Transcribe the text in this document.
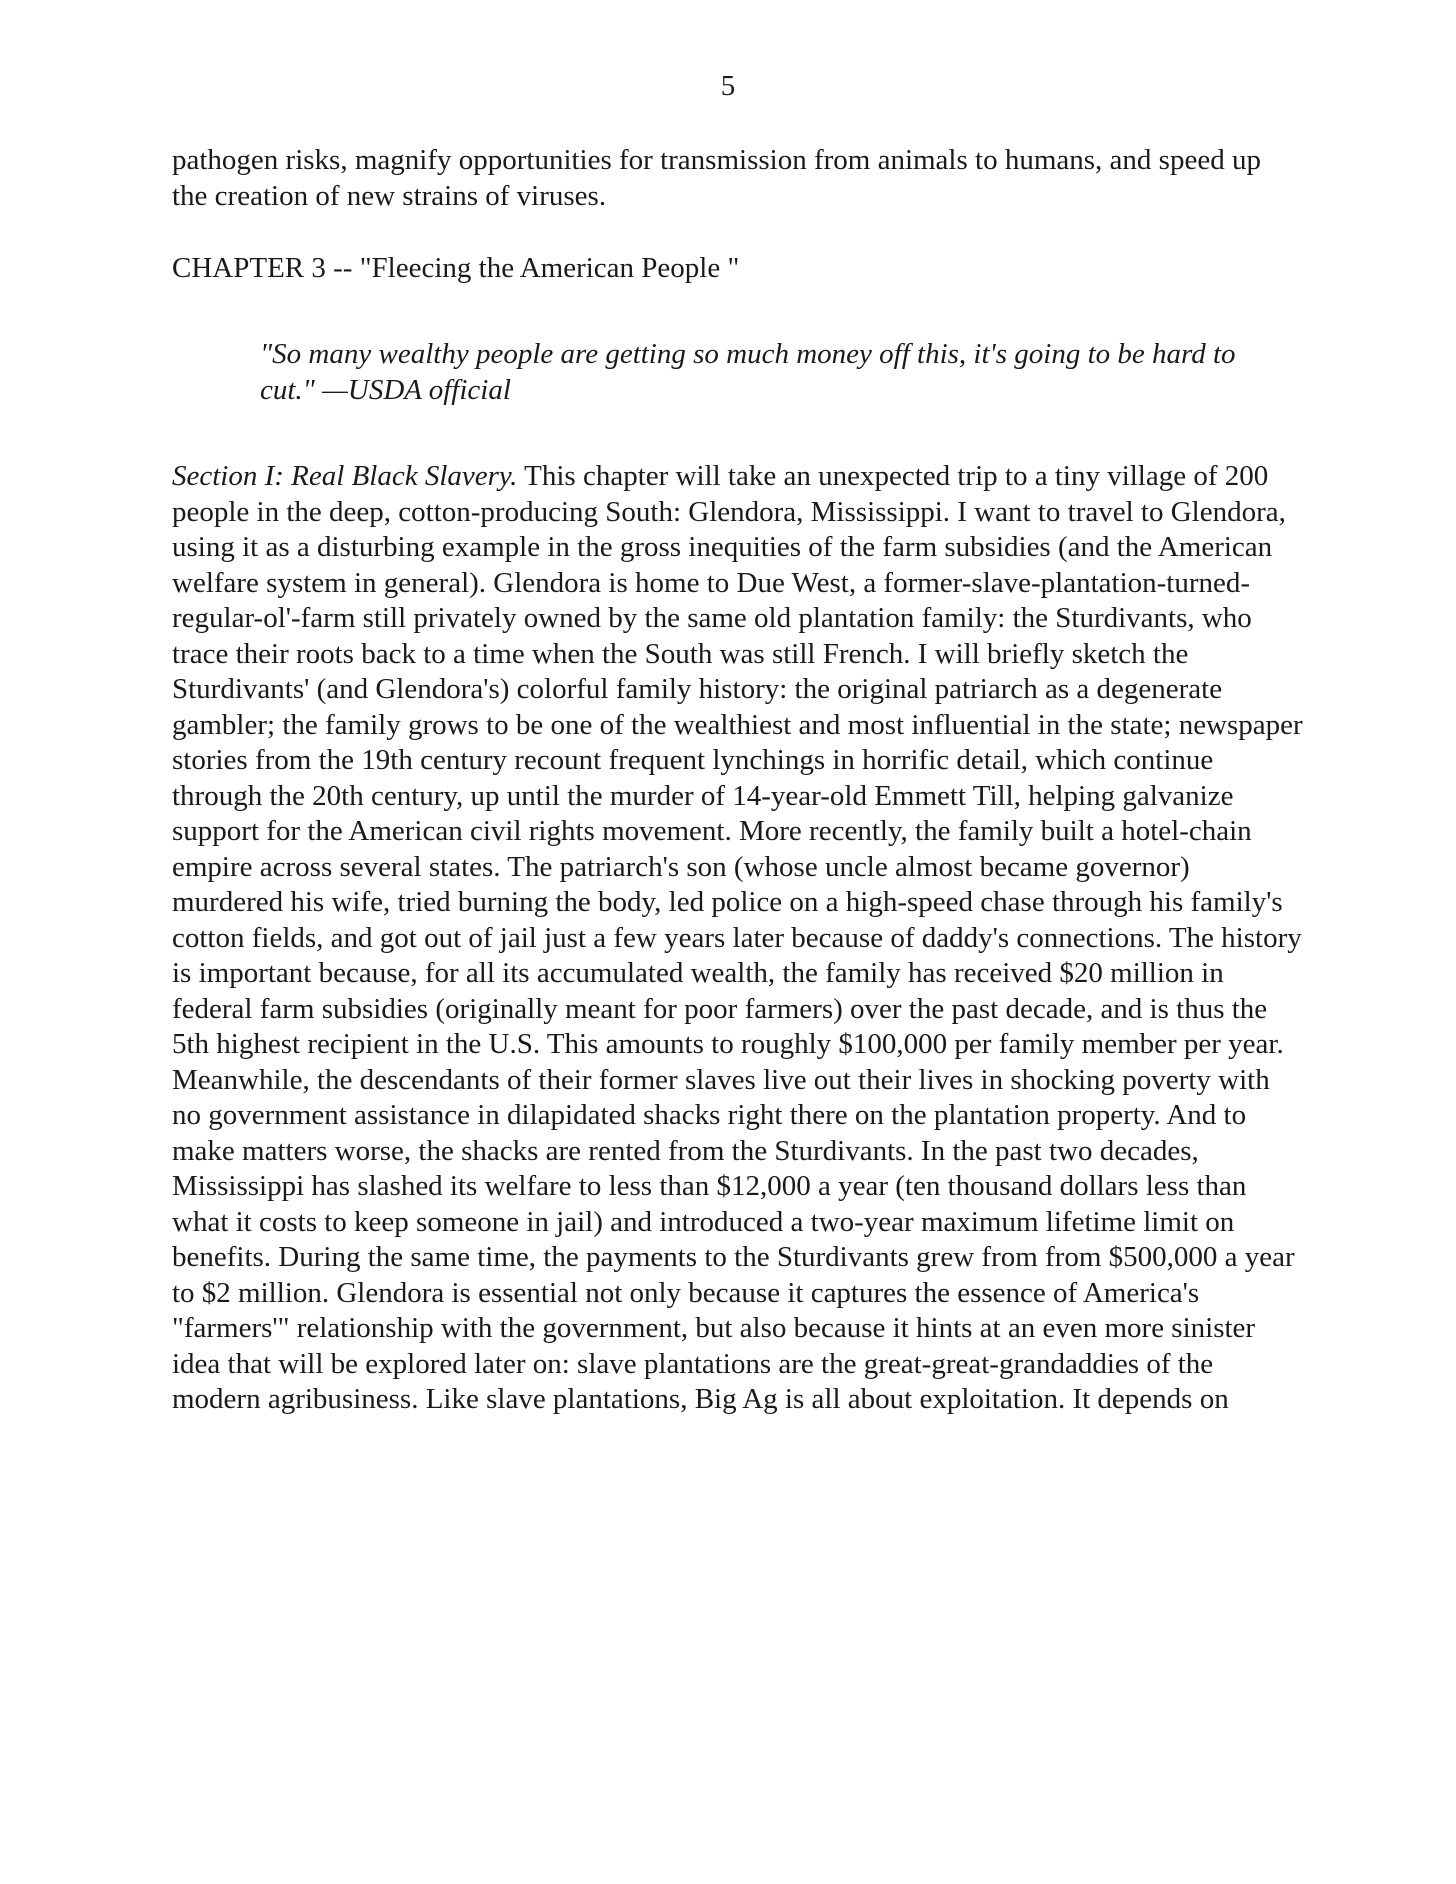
5
pathogen risks, magnify opportunities for transmission from animals to humans, and speed up
the creation of new strains of viruses.
CHAPTER 3 -- "Fleecing the American People "
"So many wealthy people are getting so much money off this, it's going to be hard to
cut." —USDA official
Section I: Real Black Slavery. This chapter will take an unexpected trip to a tiny village of 200
people in the deep, cotton-producing South: Glendora, Mississippi. I want to travel to Glendora,
using it as a disturbing example in the gross inequities of the farm subsidies (and the American
welfare system in general). Glendora is home to Due West, a former-slave-plantation-turned-
regular-ol'-farm still privately owned by the same old plantation family: the Sturdivants, who
trace their roots back to a time when the South was still French. I will briefly sketch the
Sturdivants' (and Glendora's) colorful family history: the original patriarch as a degenerate
gambler; the family grows to be one of the wealthiest and most influential in the state; newspaper
stories from the 19th century recount frequent lynchings in horrific detail, which continue
through the 20th century, up until the murder of 14-year-old Emmett Till, helping galvanize
support for the American civil rights movement. More recently, the family built a hotel-chain
empire across several states. The patriarch's son (whose uncle almost became governor)
murdered his wife, tried burning the body, led police on a high-speed chase through his family's
cotton fields, and got out of jail just a few years later because of daddy's connections. The history
is important because, for all its accumulated wealth, the family has received $20 million in
federal farm subsidies (originally meant for poor farmers) over the past decade, and is thus the
5th highest recipient in the U.S. This amounts to roughly $100,000 per family member per year.
Meanwhile, the descendants of their former slaves live out their lives in shocking poverty with
no government assistance in dilapidated shacks right there on the plantation property. And to
make matters worse, the shacks are rented from the Sturdivants. In the past two decades,
Mississippi has slashed its welfare to less than $12,000 a year (ten thousand dollars less than
what it costs to keep someone in jail) and introduced a two-year maximum lifetime limit on
benefits. During the same time, the payments to the Sturdivants grew from from $500,000 a year
to $2 million. Glendora is essential not only because it captures the essence of America's
"farmers'" relationship with the government, but also because it hints at an even more sinister
idea that will be explored later on: slave plantations are the great-great-grandaddies of the
modern agribusiness. Like slave plantations, Big Ag is all about exploitation. It depends on
